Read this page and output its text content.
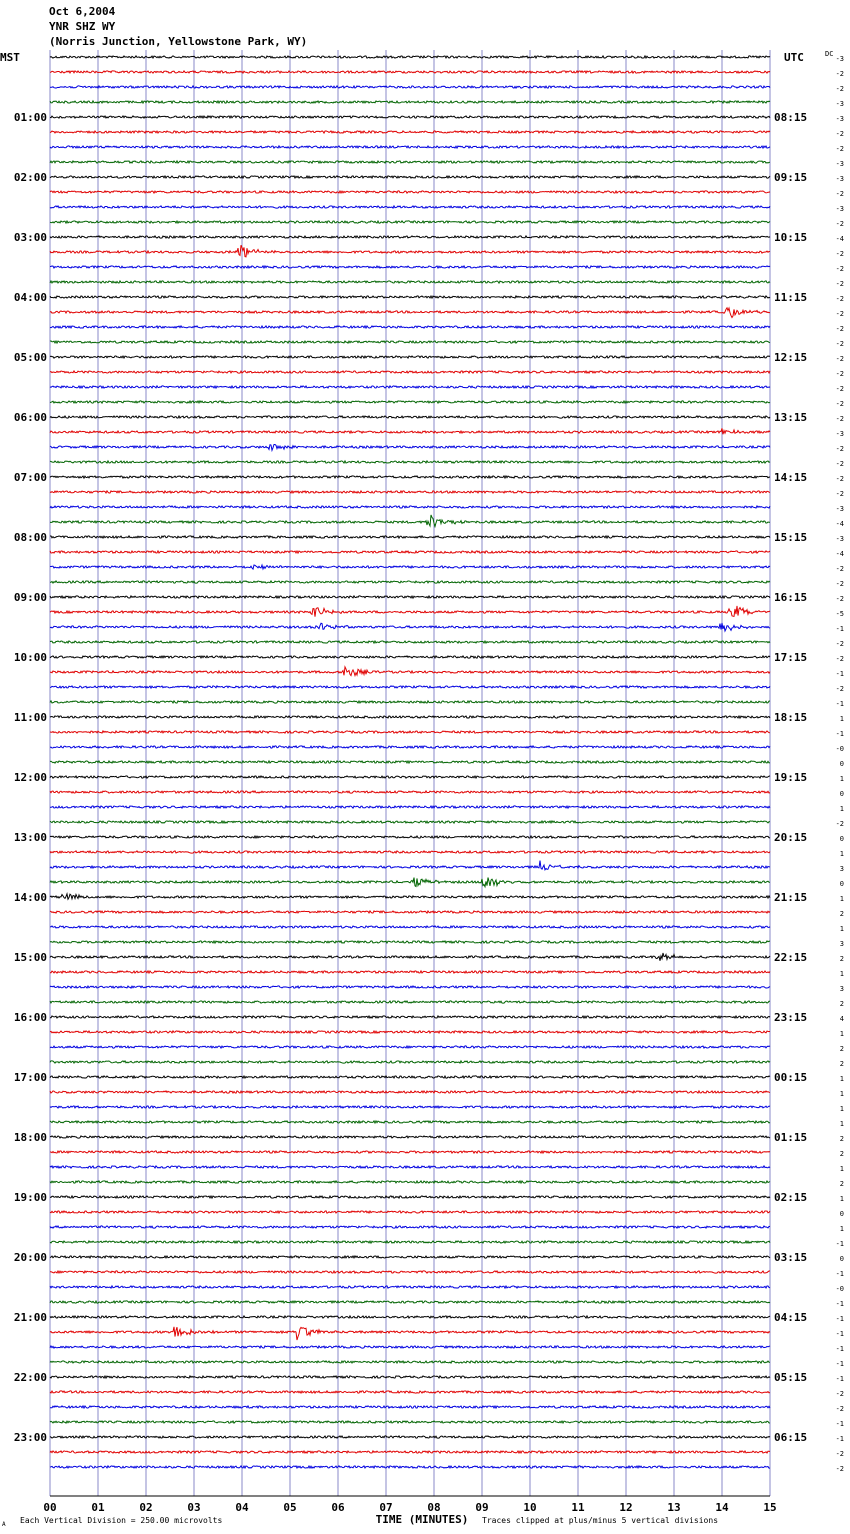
Oct 6,2004
YNR SHZ WY
(Norris Junction, Yellowstone Park, WY)
-3
-2
-2
-3
-3
01:00	08:15
-2
-2
-3
-3
02:00	09:15
-2
-3
-2
-4
03:00	10:15
-2
-2
-2
-2
04:00	11:15
-2
-2
-2
-2
05:00	12:15
-2
-2
-2
-2
06:00	13:15
-3
-2
-2
-2
07:00	14:15
-2
-3
-4
-3
08:00	15:15
-4
-2
-2
-2
09:00	16:15
-5
-1
-2
-2
10:00	17:15
-1
-2
-1
1
11:00	18:15
-1
-0
0
1
12:00	19:15
0
1
-2
0
13:00	20:15
1
3
0
1
14:00	21:15
2
1
3
2
15:00	22:15
1
3
2
4
16:00	23:15
1
2
2
1
17:00	00:15
1
1
1
2
18:00	01:15
2
1
2
1
19:00	02:15
0
1
-1
0
20:00	03:15
-1
-0
-1
-1
21:00	04:15
-1
-1
-1
-1
22:00	05:15
-2
-2
-1
-1
23:00	06:15
-2
-2
MST	UTC	DC
00	01	02	03	04	05	06	07	08	09	10	11	12	13	14	15
A Each Vertical Division = 250.00 microvolts	TIME (MINUTES) Traces clipped at plus/minus 5 vertical divisions
